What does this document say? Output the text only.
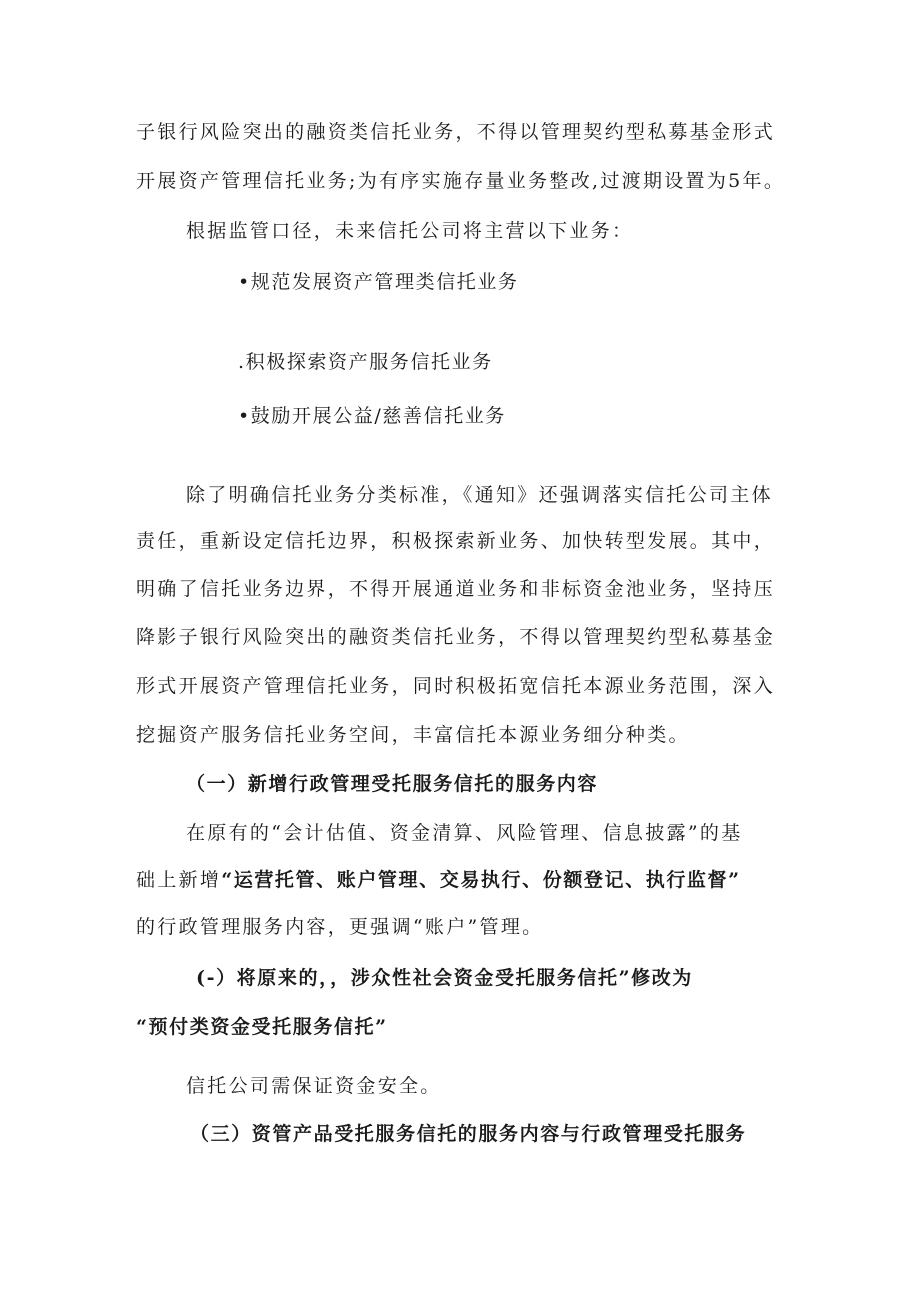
子银行风险突出的融资类信托业务，不得以管理契约型私募基金形式

开展资产管理信托业务;为有序实施存量业务整改,过渡期设置为5年。

根据监管口径，未来信托公司将主营以下业务：

•规范发展资产管理类信托业务

.积极探索资产服务信托业务

•鼓励开展公益/慈善信托业务

除了明确信托业务分类标准，《通知》还强调落实信托公司主体

责任，重新设定信托边界，积极探索新业务、加快转型发展。其中，

明确了信托业务边界，不得开展通道业务和非标资金池业务，坚持压

降影子银行风险突出的融资类信托业务，不得以管理契约型私募基金

形式开展资产管理信托业务，同时积极拓宽信托本源业务范围，深入

挖掘资产服务信托业务空间，丰富信托本源业务细分种类。

（一）新增行政管理受托服务信托的服务内容

在原有的“会计估值、资金清算、风险管理、信息披露”的基

础上新增“运营托管、账户管理、交易执行、份额登记、执行监督”

的行政管理服务内容，更强调“账户”管理。

(-）将原来的，，涉众性社会资金受托服务信托”修改为

“预付类资金受托服务信托”

信托公司需保证资金安全。

（三）资管产品受托服务信托的服务内容与行政管理受托服务
